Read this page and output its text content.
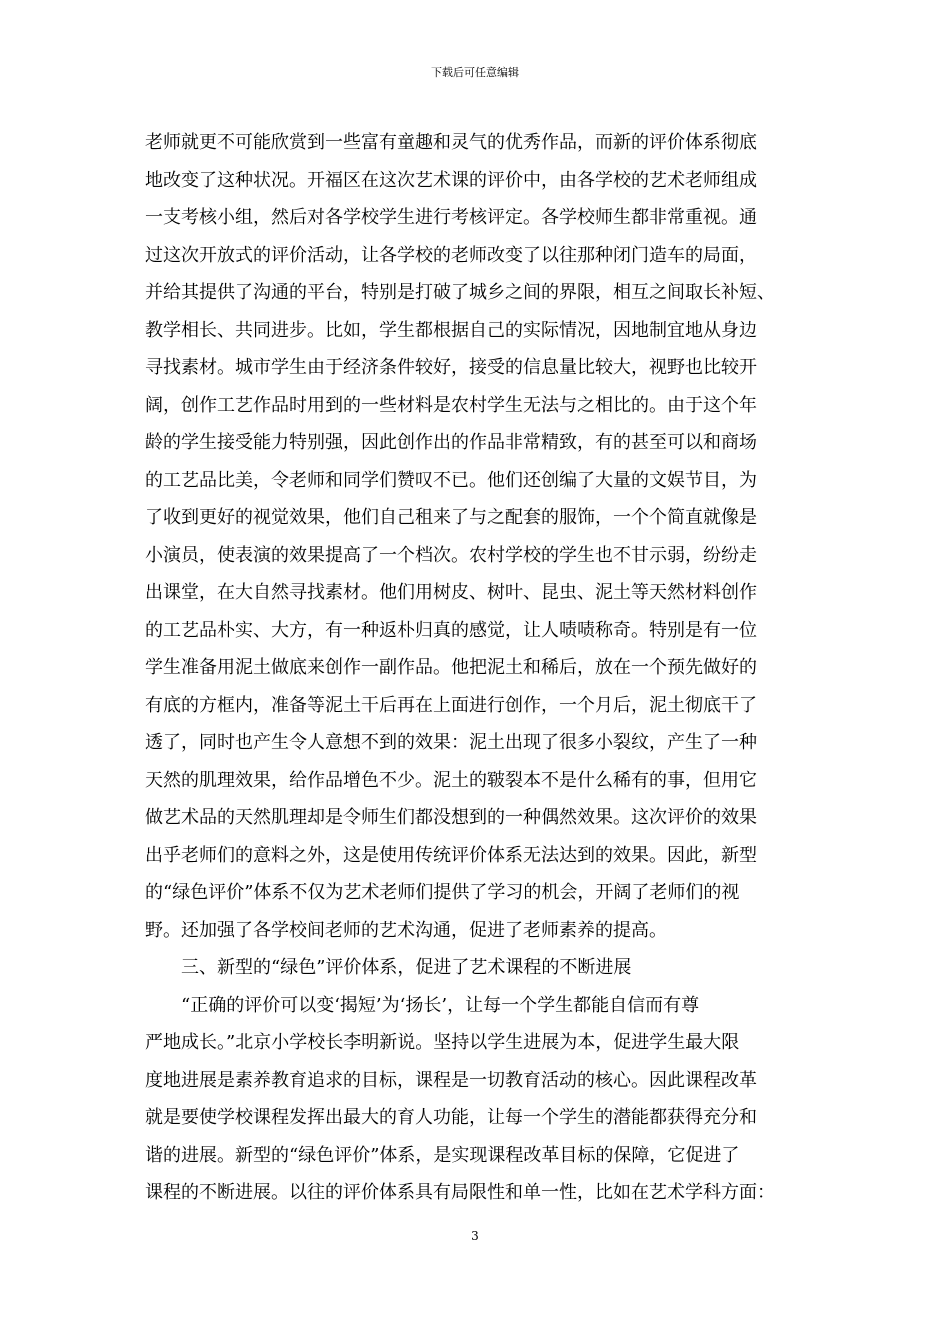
下载后可任意编辑
老师就更不可能欣赏到一些富有童趣和灵气的优秀作品，而新的评价体系彻底
地改变了这种状况。开福区在这次艺术课的评价中，由各学校的艺术老师组成
一支考核小组，然后对各学校学生进行考核评定。各学校师生都非常重视。通
过这次开放式的评价活动，让各学校的老师改变了以往那种闭门造车的局面，
并给其提供了沟通的平台，特别是打破了城乡之间的界限，相互之间取长补短、
教学相长、共同进步。比如，学生都根据自己的实际情况，因地制宜地从身边
寻找素材。城市学生由于经济条件较好，接受的信息量比较大，视野也比较开
阔，创作工艺作品时用到的一些材料是农村学生无法与之相比的。由于这个年
龄的学生接受能力特别强，因此创作出的作品非常精致，有的甚至可以和商场
的工艺品比美，令老师和同学们赞叹不已。他们还创编了大量的文娱节目，为
了收到更好的视觉效果，他们自己租来了与之配套的服饰，一个个简直就像是
小演员，使表演的效果提高了一个档次。农村学校的学生也不甘示弱，纷纷走
出课堂，在大自然寻找素材。他们用树皮、树叶、昆虫、泥土等天然材料创作
的工艺品朴实、大方，有一种返朴归真的感觉，让人啧啧称奇。特别是有一位
学生准备用泥土做底来创作一副作品。他把泥土和稀后，放在一个预先做好的
有底的方框内，准备等泥土干后再在上面进行创作，一个月后，泥土彻底干了
透了，同时也产生令人意想不到的效果：泥土出现了很多小裂纹，产生了一种
天然的肌理效果，给作品增色不少。泥土的皲裂本不是什么稀有的事，但用它
做艺术品的天然肌理却是令师生们都没想到的一种偶然效果。这次评价的效果
出乎老师们的意料之外，这是使用传统评价体系无法达到的效果。因此，新型
的“绿色评价”体系不仅为艺术老师们提供了学习的机会，开阔了老师们的视
野。还加强了各学校间老师的艺术沟通，促进了老师素养的提高。
三、新型的“绿色”评价体系，促进了艺术课程的不断进展
“正确的评价可以变‘揭短’为‘扬长’，让每一个学生都能自信而有尊
严地成长。”北京小学校长李明新说。坚持以学生进展为本，促进学生最大限
度地进展是素养教育追求的目标，课程是一切教育活动的核心。因此课程改革
就是要使学校课程发挥出最大的育人功能，让每一个学生的潜能都获得充分和
谐的进展。新型的“绿色评价”体系，是实现课程改革目标的保障，它促进了
课程的不断进展。以往的评价体系具有局限性和单一性，比如在艺术学科方面：
3
